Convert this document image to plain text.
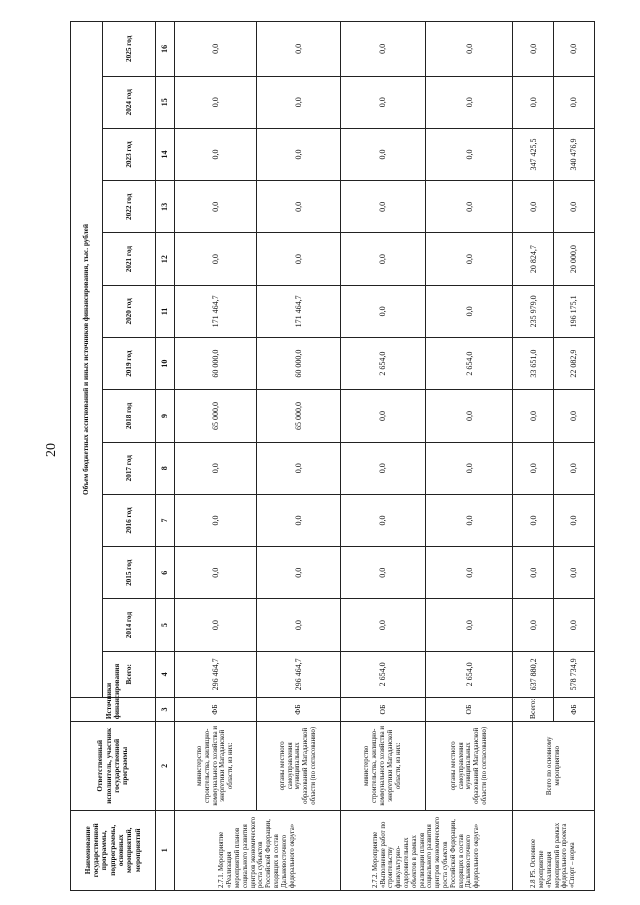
20
Наименование государственной программы, подпрограммы, основных мероприятий, мероприятий	Ответственный исполнитель, участник государственной программы	Источники финансирования	Объем бюджетных ассигнований и иных источников финансирования, тыс. рублей												
			Всего:	2014 год	2015 год	2016 год	2017 год	2018 год	2019 год	2020 год	2021 год	2022 год	2023 год	2024 год	2025 год
1	2	3	4	5	6	7	8	9	10	11	12	13	14	15	16
2.7.1. Мероприятие «Реализация мероприятий планов социального развития центров экономического роста субъектов Российской Федерации, входящих в состав Дальневосточного федерального округа»	министерство строительства, жилищно-коммунального хозяйства и энергетики Магаданской области, из них:	ФБ	296 464,7	0,0	0,0	0,0	0,0	65 000,0	60 000,0	171 464,7	0,0	0,0	0,0	0,0	0,0
	органы местного самоуправления муниципальных образований Магаданской области (по согласованию)	ФБ	296 464,7	0,0	0,0	0,0	0,0	65 000,0	60 000,0	171 464,7	0,0	0,0	0,0	0,0	0,0
2.7.2. Мероприятие «Выполнение работ по строительству физкультурно-оздоровительных объектов в рамках реализации планов социального развития центров экономического роста субъектов Российской Федерации, входящих в состав Дальневосточного федерального округа»	министерство строительства, жилищно-коммунального хозяйства и энергетики Магаданской области, из них:	ОБ	2 654,0	0,0	0,0	0,0	0,0	0,0	2 654,0	0,0	0,0	0,0	0,0	0,0	0,0
	органы местного самоуправления муниципальных образований Магаданской области (по согласованию)	ОБ	2 654,0	0,0	0,0	0,0	0,0	0,0	2 654,0	0,0	0,0	0,0	0,0	0,0	0,0
2.8 Р5. Основное мероприятие «Реализация мероприятий в рамках федерального проекта «Спорт – норма	Всего по основному мероприятию	Всего:	637 880,2	0,0	0,0	0,0	0,0	0,0	33 651,0	235 979,0	20 824,7	0,0	347 425,5	0,0	0,0
		ФБ	578 734,9	0,0	0,0	0,0	0,0	0,0	22 082,9	196 175,1	20 000,0	0,0	340 476,9	0,0	0,0
